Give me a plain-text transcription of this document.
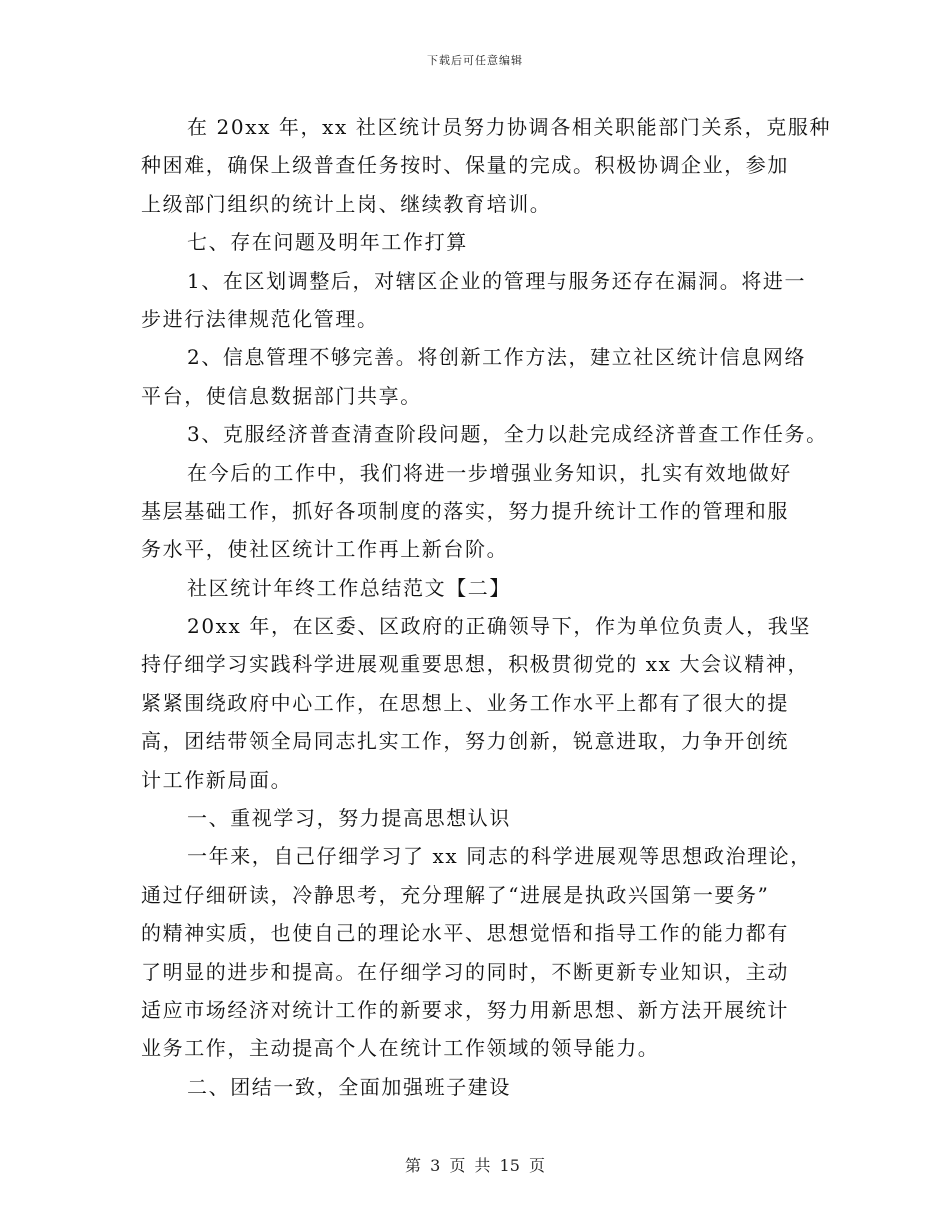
下载后可任意编辑
在 20xx 年，xx 社区统计员努力协调各相关职能部门关系，克服种
种困难，确保上级普查任务按时、保量的完成。积极协调企业，参加
上级部门组织的统计上岗、继续教育培训。
七、存在问题及明年工作打算
1、在区划调整后，对辖区企业的管理与服务还存在漏洞。将进一
步进行法律规范化管理。
2、信息管理不够完善。将创新工作方法，建立社区统计信息网络
平台，使信息数据部门共享。
3、克服经济普查清查阶段问题，全力以赴完成经济普查工作任务。
在今后的工作中，我们将进一步增强业务知识，扎实有效地做好
基层基础工作，抓好各项制度的落实，努力提升统计工作的管理和服
务水平，使社区统计工作再上新台阶。
社区统计年终工作总结范文【二】
20xx 年，在区委、区政府的正确领导下，作为单位负责人，我坚
持仔细学习实践科学进展观重要思想，积极贯彻党的 xx 大会议精神，
紧紧围绕政府中心工作，在思想上、业务工作水平上都有了很大的提
高，团结带领全局同志扎实工作，努力创新，锐意进取，力争开创统
计工作新局面。
一、重视学习，努力提高思想认识
一年来，自己仔细学习了 xx 同志的科学进展观等思想政治理论，
通过仔细研读，冷静思考，充分理解了“进展是执政兴国第一要务”
的精神实质，也使自己的理论水平、思想觉悟和指导工作的能力都有
了明显的进步和提高。在仔细学习的同时，不断更新专业知识，主动
适应市场经济对统计工作的新要求，努力用新思想、新方法开展统计
业务工作，主动提高个人在统计工作领域的领导能力。
二、团结一致，全面加强班子建设
第 3 页 共 15 页
